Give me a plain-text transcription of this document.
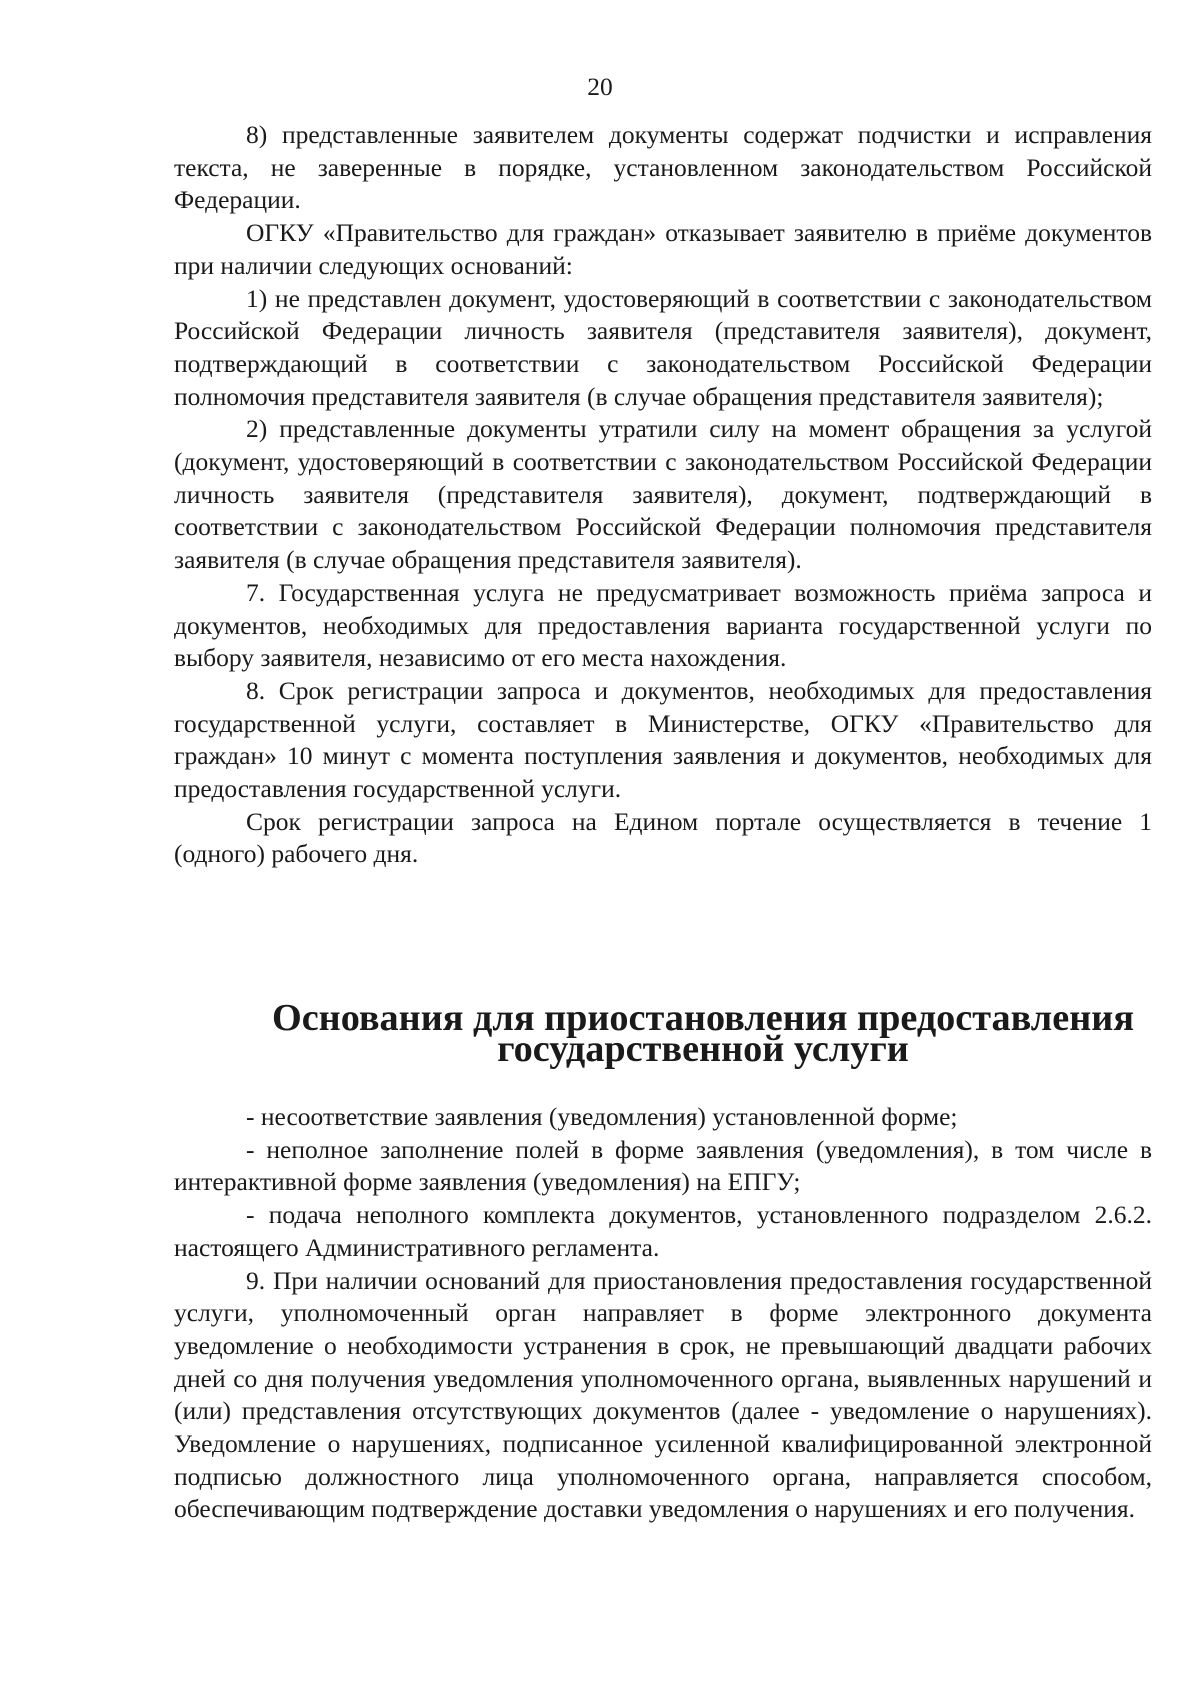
20

8) представленные заявителем документы содержат подчистки и исправления текста, не заверенные в порядке, установленном законодательством Российской Федерации.

ОГКУ «Правительство для граждан» отказывает заявителю в приёме документов при наличии следующих оснований:

1) не представлен документ, удостоверяющий в соответствии с законодательством Российской Федерации личность заявителя (представителя заявителя), документ, подтверждающий в соответствии с законодательством Российской Федерации полномочия представителя заявителя (в случае обращения представителя заявителя);

2) представленные документы утратили силу на момент обращения за услугой (документ, удостоверяющий в соответствии с законодательством Российской Федерации личность заявителя (представителя заявителя), документ, подтверждающий в соответствии с законодательством Российской Федерации полномочия представителя заявителя (в случае обращения представителя заявителя).

7. Государственная услуга не предусматривает возможность приёма запроса и документов, необходимых для предоставления варианта государственной услуги по выбору заявителя, независимо от его места нахождения.

8. Срок регистрации запроса и документов, необходимых для предоставления государственной услуги, составляет в Министерстве, ОГКУ «Правительство для граждан» 10 минут с момента поступления заявления и документов, необходимых для предоставления государственной услуги.

Срок регистрации запроса на Едином портале осуществляется в течение 1 (одного) рабочего дня.

Основания для приостановления предоставления государственной услуги

- несоответствие заявления (уведомления) установленной форме;

- неполное заполнение полей в форме заявления (уведомления), в том числе в интерактивной форме заявления (уведомления) на ЕПГУ;

- подача неполного комплекта документов, установленного подразделом 2.6.2. настоящего Административного регламента.

9. При наличии оснований для приостановления предоставления государственной услуги, уполномоченный орган направляет в форме электронного документа уведомление о необходимости устранения в срок, не превышающий двадцати рабочих дней со дня получения уведомления уполномоченного органа, выявленных нарушений и (или) представления отсутствующих документов (далее - уведомление о нарушениях). Уведомление о нарушениях, подписанное усиленной квалифицированной электронной подписью должностного лица уполномоченного органа, направляется способом, обеспечивающим подтверждение доставки уведомления о нарушениях и его получения.
